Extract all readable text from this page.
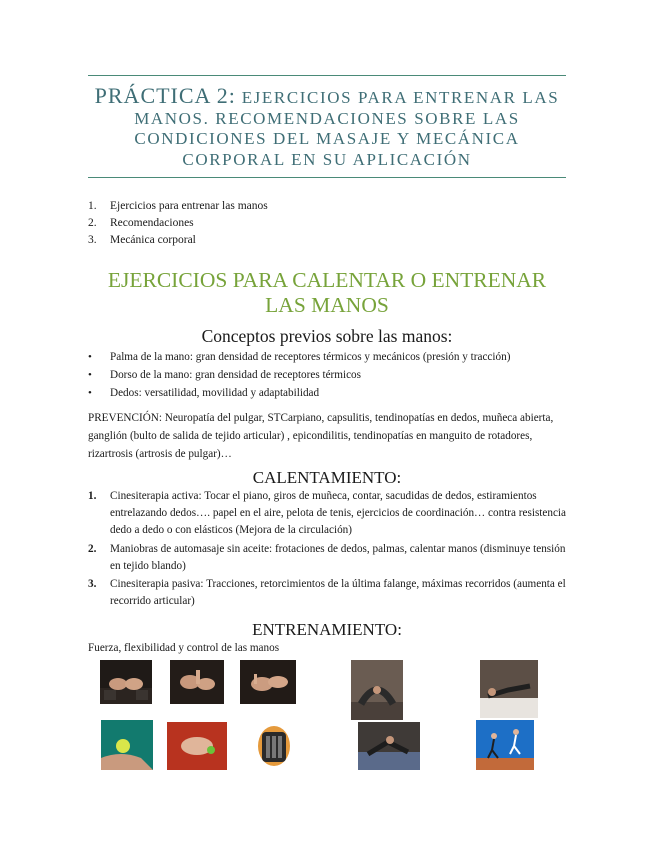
PRÁCTICA 2: EJERCICIOS PARA ENTRENAR LAS MANOS. RECOMENDACIONES SOBRE LAS CONDICIONES DEL MASAJE Y MECÁNICA CORPORAL EN SU APLICACIÓN
1.	Ejercicios para entrenar las manos
2.	Recomendaciones
3.	Mecánica corporal
EJERCICIOS PARA CALENTAR O ENTRENAR LAS MANOS
Conceptos previos sobre las manos:
•	Palma de la mano: gran densidad de receptores térmicos y mecánicos (presión y tracción)
•	Dorso de la mano: gran densidad de receptores térmicos
•	Dedos: versatilidad, movilidad y adaptabilidad

PREVENCIÓN: Neuropatía del pulgar, STCarpiano, capsulitis, tendinopatías en dedos, muñeca abierta, ganglión (bulto de salida de tejido articular) , epicondilitis, tendinopatías en manguito de rotadores, rizartrosis (artrosis de pulgar)…

CALENTAMIENTO:
1.	Cinesiterapia activa: Tocar el piano, giros de muñeca, contar, sacudidas de dedos, estiramientos entrelazando dedos…. papel en el aire, pelota de tenis, ejercicios de coordinación… contra resistencia dedo a dedo o con elásticos (Mejora de la circulación)
2.	Maniobras de automasaje sin aceite: frotaciones de dedos, palmas, calentar manos (disminuye tensión en tejido blando)
3.	Cinesiterapia pasiva: Tracciones, retorcimientos de la última falange, máximas recorridos (aumenta el recorrido articular)
ENTRENAMIENTO:

Fuerza, flexibilidad y control de las manos
